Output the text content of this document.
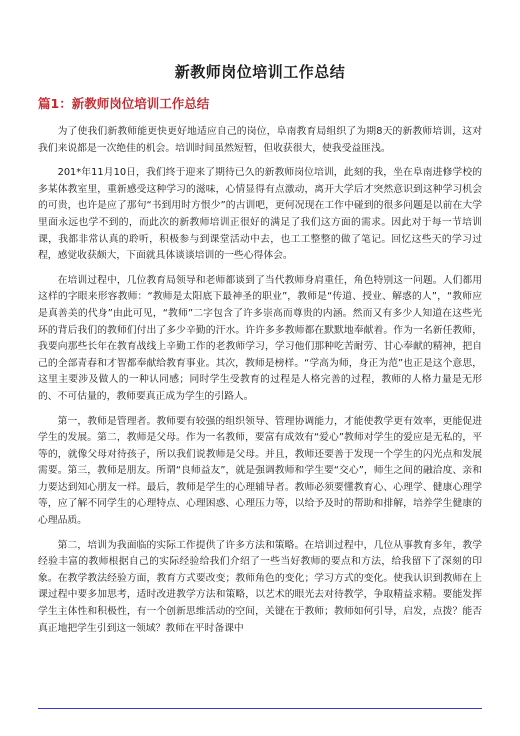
新教师岗位培训工作总结
篇1：新教师岗位培训工作总结

为了使我们新教师能更快更好地适应自己的岗位，阜南教育局组织了为期8天的新教师培训，这对我们来说都是一次绝佳的机会。培训时间虽然短暂，但收获很大，使我受益匪浅。

201*年11月10日，我们终于迎来了期待已久的新教师岗位培训，此刻的我，坐在阜南进修学校的多某体教室里，重新感受这种学习的滋味，心情显得有点激动，离开大学后才突然意识到这种学习机会的可贵，也许是应了那句“书到用时方恨少”的古训吧，更何况现在工作中碰到的很多问题是以前在大学里面永远也学不到的，而此次的新教师培训正很好的满足了我们这方面的需求。因此对于每一节培训课，我都非常认真的聆听，积极参与到课堂活动中去，也工工整整的做了笔记。回忆这些天的学习过程，感觉收获颇大，下面就具体谈谈培训的一些心得体会。

在培训过程中，几位教育局领导和老师都谈到了当代教师身肩重任，角色特别这一问题。人们都用这样的字眼来形容教师：“教师是太阳底下最神圣的职业”，教师是“传道、授业、解惑的人”，“教师应是真善美的代身”由此可见，“教师”二字包含了许多崇高而尊贵的内涵。然而又有多少人知道在这些光环的背后我们的教师们付出了多少辛勤的汗水。许许多多教师都在默默地奉献着。作为一名新任教师，我要向那些长年在教育战线上辛勤工作的老教师学习，学习他们那种吃苦耐劳、甘心奉献的精神，把自己的全部青春和才智都奉献给教育事业。其次，教师是榜样。“学高为师，身正为范”也正是这个意思，这里主要涉及做人的一种认同感；同时学生受教育的过程是人格完善的过程，教师的人格力量是无形的、不可估量的，教师要真正成为学生的引路人。

第一，教师是管理者。教师要有较强的组织领导、管理协调能力，才能使教学更有效率，更能促进学生的发展。第二，教师是父母。作为一名教师，要富有成效有“爱心”教师对学生的爱应是无私的，平等的，就像父母对待孩子，所以我们说教师是父母。并且，教师还要善于发现一个学生的闪光点和发展需要。第三，教师是朋友。所谓“良师益友”，就是强调教师和学生要“交心”，师生之间的融洽度、亲和力要达到知心朋友一样。最后，教师是学生的心理辅导者。教师必须要懂教育心、心理学、健康心理学等，应了解不同学生的心理特点、心理困惑、心理压力等，以给予及时的帮助和排解，培养学生健康的心理品质。

第二，培训为我面临的实际工作提供了许多方法和策略。在培训过程中，几位从事教育多年，教学经验丰富的教师根据自己的实际经验给我们介绍了一些当好教师的要点和方法，给我留下了深刻的印象。在教学教法经验方面，教育方式要改变；教师角色的变化；学习方式的变化。使我认识到教师在上课过程中要多加思考，适时改进教学方法和策略，以艺术的眼光去对待教学，争取精益求精。要能发挥学生主体性和积极性，有一个创新思维活动的空间，关键在于教师；教师如何引导，启发，点拨？能否真正地把学生引到这一领域？教师在平时备课中
